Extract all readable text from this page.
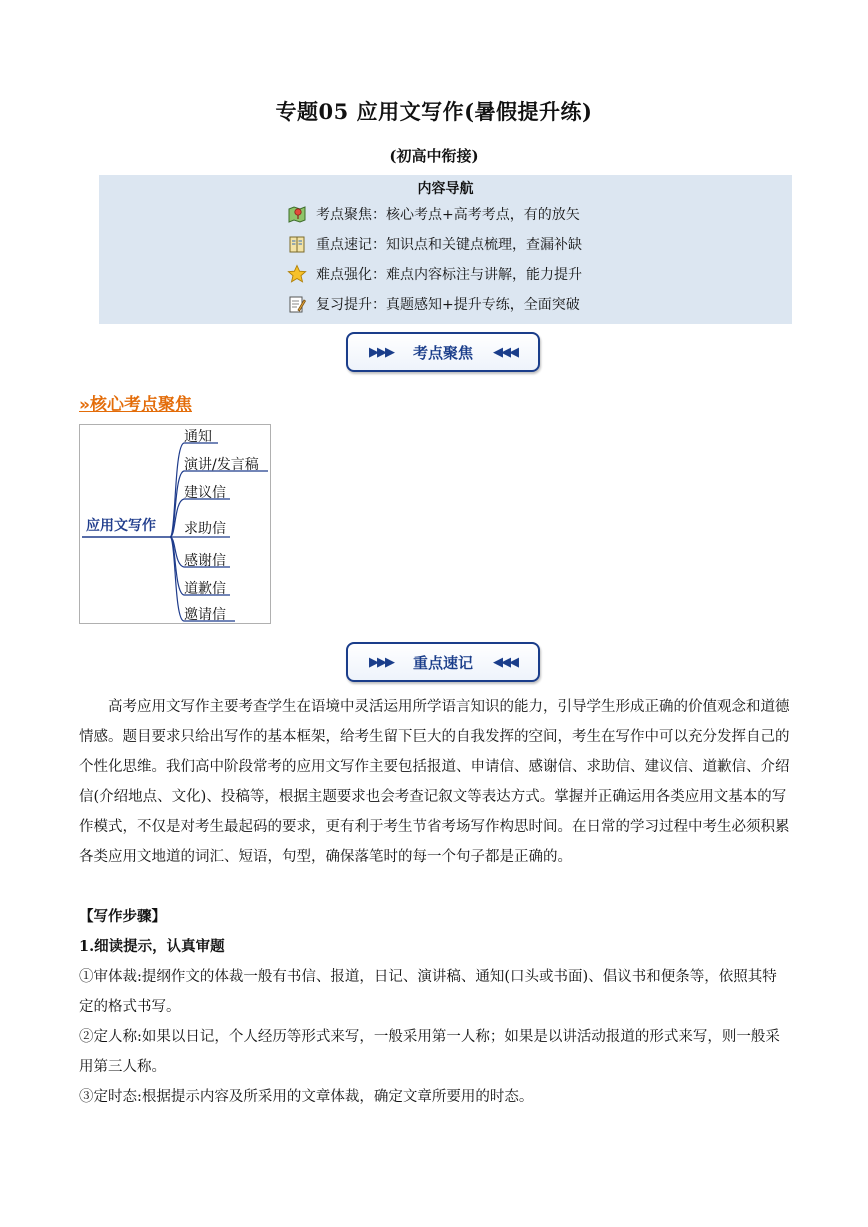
专题05 应用文写作(暑假提升练)
(初高中衔接)
内容导航
考点聚焦：核心考点+高考考点，有的放矢
重点速记：知识点和关键点梳理，查漏补缺
难点强化：难点内容标注与讲解，能力提升
复习提升：真题感知+提升专练，全面突破
▶▶▶ 考点聚焦 ◀◀◀
»核心考点聚焦
应用文写作
通知
演讲/发言稿
建议信
求助信
感谢信
道歉信
邀请信
▶▶▶ 重点速记 ◀◀◀
高考应用文写作主要考查学生在语境中灵活运用所学语言知识的能力，引导学生形成正确的价值观念和道德情感。题目要求只给出写作的基本框架，给考生留下巨大的自我发挥的空间，考生在写作中可以充分发挥自己的个性化思维。我们高中阶段常考的应用文写作主要包括报道、申请信、感谢信、求助信、建议信、道歉信、介绍信(介绍地点、文化)、投稿等，根据主题要求也会考查记叙文等表达方式。掌握并正确运用各类应用文基本的写作模式，不仅是对考生最起码的要求，更有利于考生节省考场写作构思时间。在日常的学习过程中考生必须积累各类应用文地道的词汇、短语，句型，确保落笔时的每一个句子都是正确的。
【写作步骤】
1.细读提示，认真审题
①审体裁:提纲作文的体裁一般有书信、报道，日记、演讲稿、通知(口头或书面)、倡议书和便条等，依照其特定的格式书写。
②定人称:如果以日记，个人经历等形式来写，一般采用第一人称；如果是以讲活动报道的形式来写，则一般采用第三人称。
③定时态:根据提示内容及所采用的文章体裁，确定文章所要用的时态。
